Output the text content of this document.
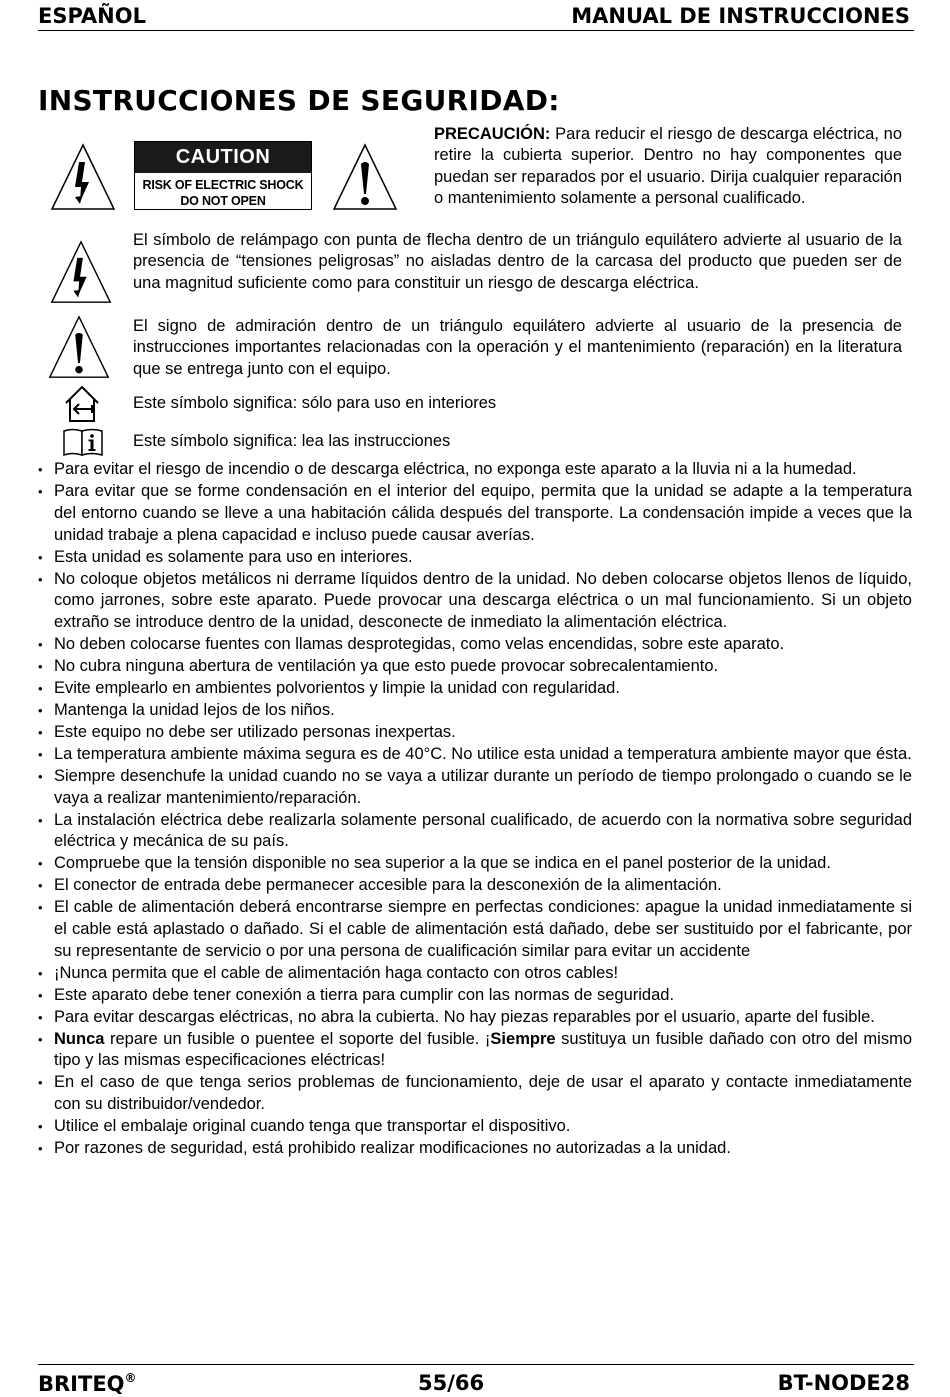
ESPAÑOL	MANUAL DE INSTRUCCIONES
INSTRUCCIONES DE SEGURIDAD:
CAUTION
RISK OF ELECTRIC SHOCK
DO NOT OPEN
PRECAUCIÓN: Para reducir el riesgo de descarga eléctrica, no retire la cubierta superior. Dentro no hay componentes que puedan ser reparados por el usuario. Dirija cualquier reparación o mantenimiento solamente a personal cualificado.
El símbolo de relámpago con punta de flecha dentro de un triángulo equilátero advierte al usuario de la presencia de “tensiones peligrosas” no aisladas dentro de la carcasa del producto que pueden ser de una magnitud suficiente como para constituir un riesgo de descarga eléctrica.
El signo de admiración dentro de un triángulo equilátero advierte al usuario de la presencia de instrucciones importantes relacionadas con la operación y el mantenimiento (reparación) en la literatura que se entrega junto con el equipo.
Este símbolo significa: sólo para uso en interiores
Este símbolo significa: lea las instrucciones
• Para evitar el riesgo de incendio o de descarga eléctrica, no exponga este aparato a la lluvia ni a la humedad.
• Para evitar que se forme condensación en el interior del equipo, permita que la unidad se adapte a la temperatura del entorno cuando se lleve a una habitación cálida después del transporte. La condensación impide a veces que la unidad trabaje a plena capacidad e incluso puede causar averías.
• Esta unidad es solamente para uso en interiores.
• No coloque objetos metálicos ni derrame líquidos dentro de la unidad. No deben colocarse objetos llenos de líquido, como jarrones, sobre este aparato. Puede provocar una descarga eléctrica o un mal funcionamiento. Si un objeto extraño se introduce dentro de la unidad, desconecte de inmediato la alimentación eléctrica.
• No deben colocarse fuentes con llamas desprotegidas, como velas encendidas, sobre este aparato.
• No cubra ninguna abertura de ventilación ya que esto puede provocar sobrecalentamiento.
• Evite emplearlo en ambientes polvorientos y limpie la unidad con regularidad.
• Mantenga la unidad lejos de los niños.
• Este equipo no debe ser utilizado personas inexpertas.
• La temperatura ambiente máxima segura es de 40°C. No utilice esta unidad a temperatura ambiente mayor que ésta.
• Siempre desenchufe la unidad cuando no se vaya a utilizar durante un período de tiempo prolongado o cuando se le vaya a realizar mantenimiento/reparación.
• La instalación eléctrica debe realizarla solamente personal cualificado, de acuerdo con la normativa sobre seguridad eléctrica y mecánica de su país.
• Compruebe que la tensión disponible no sea superior a la que se indica en el panel posterior de la unidad.
• El conector de entrada debe permanecer accesible para la desconexión de la alimentación.
• El cable de alimentación deberá encontrarse siempre en perfectas condiciones: apague la unidad inmediatamente si el cable está aplastado o dañado. Si el cable de alimentación está dañado, debe ser sustituido por el fabricante, por su representante de servicio o por una persona de cualificación similar para evitar un accidente
• ¡Nunca permita que el cable de alimentación haga contacto con otros cables!
• Este aparato debe tener conexión a tierra para cumplir con las normas de seguridad.
• Para evitar descargas eléctricas, no abra la cubierta. No hay piezas reparables por el usuario, aparte del fusible.
• Nunca repare un fusible o puentee el soporte del fusible. ¡Siempre sustituya un fusible dañado con otro del mismo tipo y las mismas especificaciones eléctricas!
• En el caso de que tenga serios problemas de funcionamiento, deje de usar el aparato y contacte inmediatamente con su distribuidor/vendedor.
• Utilice el embalaje original cuando tenga que transportar el dispositivo.
• Por razones de seguridad, está prohibido realizar modificaciones no autorizadas a la unidad.
BRITEQ®	55/66	BT-NODE28
